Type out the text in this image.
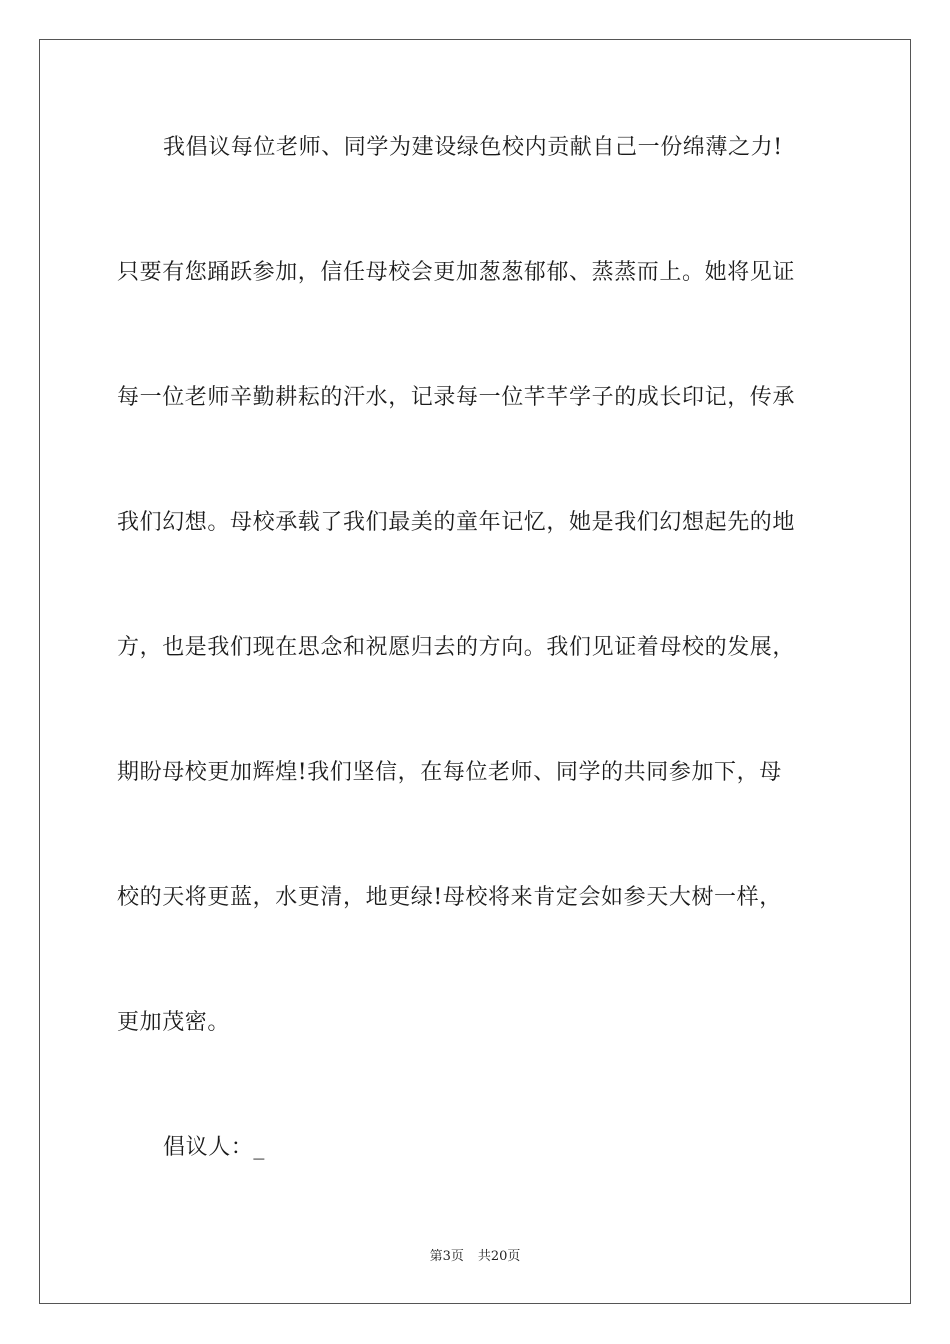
我倡议每位老师、同学为建设绿色校内贡献自己一份绵薄之力!
只要有您踊跃参加，信任母校会更加葱葱郁郁、蒸蒸而上。她将见证
每一位老师辛勤耕耘的汗水，记录每一位芊芊学子的成长印记，传承
我们幻想。母校承载了我们最美的童年记忆，她是我们幻想起先的地
方，也是我们现在思念和祝愿归去的方向。我们见证着母校的发展，
期盼母校更加辉煌!我们坚信，在每位老师、同学的共同参加下，母
校的天将更蓝，水更清，地更绿!母校将来肯定会如参天大树一样，
更加茂密。
倡议人：_
第3页 共20页
